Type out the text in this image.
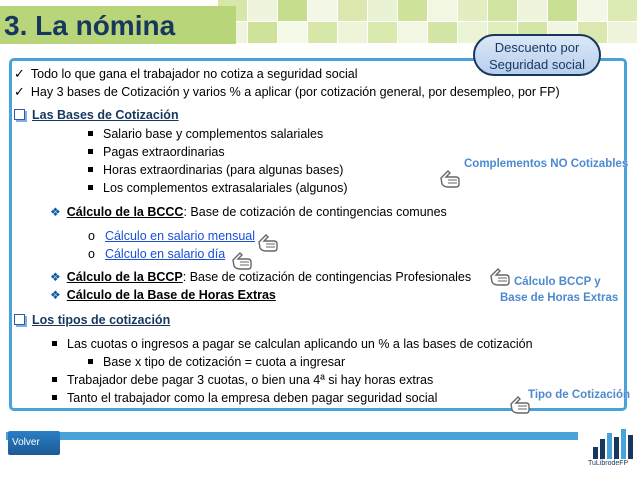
3. La nómina
Descuento por
Seguridad social
✓ Todo lo que gana el trabajador no cotiza a seguridad social
✓ Hay 3 bases de Cotización y varios % a aplicar (por cotización general, por desempleo, por FP)
Las Bases de Cotización
Salario base y complementos salariales
Pagas extraordinarias
Horas extraordinarias (para algunas bases)
Los complementos extrasalariales (algunos)
❖ Cálculo de la BCCC: Base de cotización de contingencias comunes
o Cálculo en salario mensual
o Cálculo en salario día
❖ Cálculo de la BCCP: Base de cotización de contingencias Profesionales
❖ Cálculo de la Base de Horas Extras
Los tipos de cotización
Las cuotas o ingresos a pagar se calculan aplicando un % a las bases de cotización
Base x tipo de cotización = cuota a ingresar
Trabajador debe pagar 3 cuotas, o bien una 4ª si hay horas extras
Tanto el trabajador como la empresa deben pagar seguridad social
Complementos NO Cotizables
Cálculo BCCP y
Base de Horas Extras
Tipo de Cotización
Volver
TuLibrodeFP
